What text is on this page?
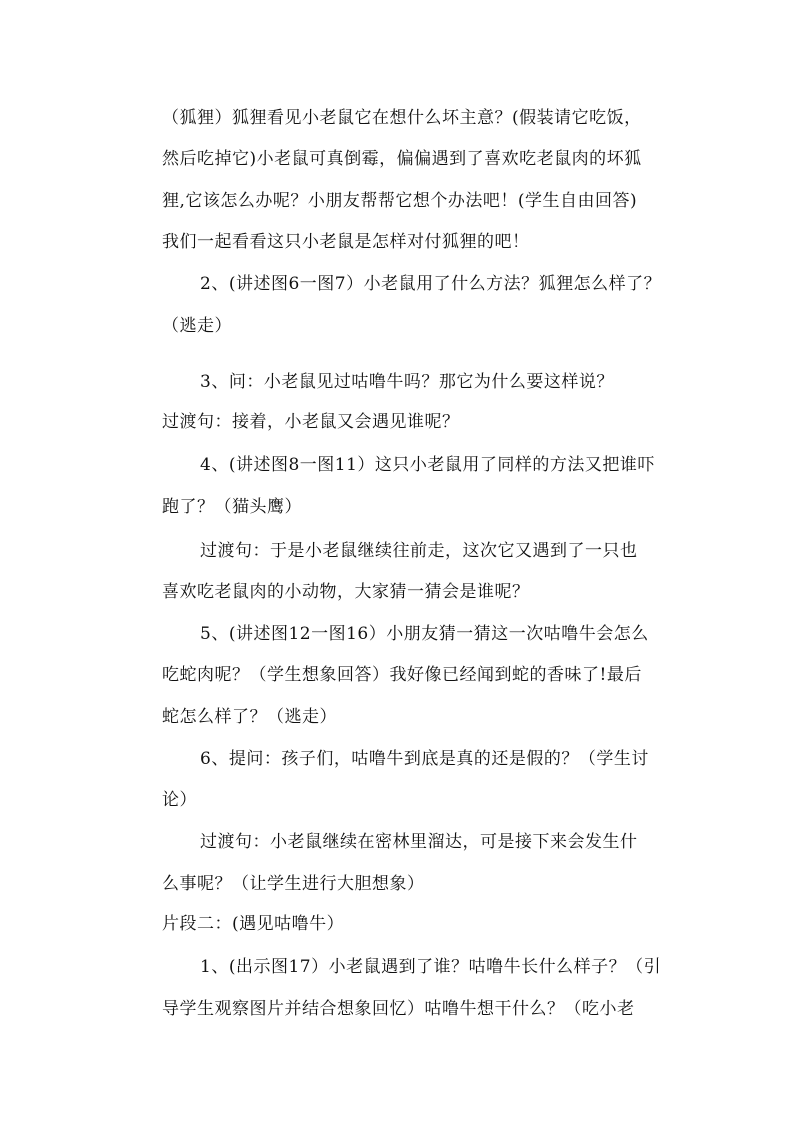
（狐狸）狐狸看见小老鼠它在想什么坏主意？(假装请它吃饭，
然后吃掉它)小老鼠可真倒霉，偏偏遇到了喜欢吃老鼠肉的坏狐
狸,它该怎么办呢？小朋友帮帮它想个办法吧！(学生自由回答)
我们一起看看这只小老鼠是怎样对付狐狸的吧！
2、(讲述图6一图7）小老鼠用了什么方法？狐狸怎么样了？
（逃走）
3、问：小老鼠见过咕噜牛吗？那它为什么要这样说？
过渡句：接着，小老鼠又会遇见谁呢？
4、(讲述图8一图11）这只小老鼠用了同样的方法又把谁吓
跑了？（猫头鹰）
过渡句：于是小老鼠继续往前走，这次它又遇到了一只也
喜欢吃老鼠肉的小动物，大家猜一猜会是谁呢？
5、(讲述图12一图16）小朋友猜一猜这一次咕噜牛会怎么
吃蛇肉呢？（学生想象回答）我好像已经闻到蛇的香味了!最后
蛇怎么样了？（逃走）
6、提问：孩子们，咕噜牛到底是真的还是假的？（学生讨
论）
过渡句：小老鼠继续在密林里溜达，可是接下来会发生什
么事呢？（让学生进行大胆想象）
片段二：(遇见咕噜牛）
1、(出示图17）小老鼠遇到了谁？咕噜牛长什么样子？（引
导学生观察图片并结合想象回忆）咕噜牛想干什么？（吃小老
